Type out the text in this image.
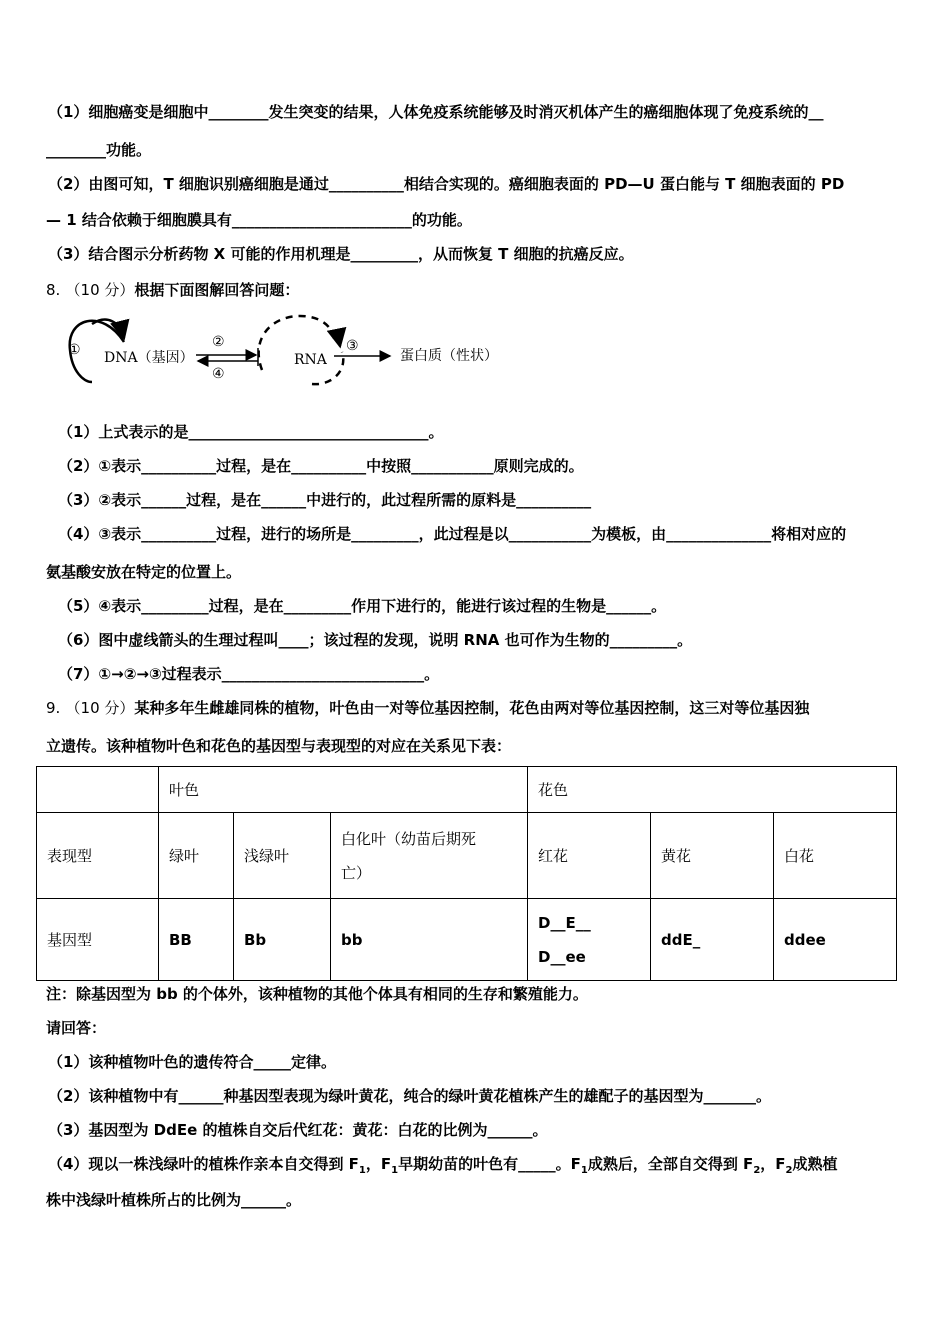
（1）细胞癌变是细胞中________发生突变的结果，人体免疫系统能够及时消灭机体产生的癌细胞体现了免疫系统的__
________功能。
（2）由图可知，T 细胞识别癌细胞是通过__________相结合实现的。癌细胞表面的 PD—U 蛋白能与 T 细胞表面的 PD
— 1 结合依赖于细胞膜具有________________________的功能。
（3）结合图示分析药物 X 可能的作用机理是_________，从而恢复 T 细胞的抗癌反应。
8. （10 分）根据下面图解回答问题：
① DNA（基因）
②
④
RNA
③
蛋白质（性状）
（1）上式表示的是________________________________。
（2）①表示__________过程，是在__________中按照___________原则完成的。
（3）②表示______过程，是在______中进行的，此过程所需的原料是__________
（4）③表示__________过程，进行的场所是_________，此过程是以___________为模板，由______________将相对应的
氨基酸安放在特定的位置上。
（5）④表示_________过程，是在_________作用下进行的，能进行该过程的生物是______。
（6）图中虚线箭头的生理过程叫____；该过程的发现，说明 RNA 也可作为生物的_________。
（7）①→②→③过程表示___________________________。
9. （10 分）某种多年生雌雄同株的植物，叶色由一对等位基因控制，花色由两对等位基因控制，这三对等位基因独
立遗传。该种植物叶色和花色的基因型与表现型的对应在关系见下表：
	叶色			花色		
表现型	绿叶	浅绿叶	白化叶（幼苗后期死
亡）	红花	黄花	白花
基因型	BB	Bb	bb	D__E__
D__ee	ddE_	ddee
注：除基因型为 bb 的个体外，该种植物的其他个体具有相同的生存和繁殖能力。
请回答：
（1）该种植物叶色的遗传符合_____定律。
（2）该种植物中有______种基因型表现为绿叶黄花，纯合的绿叶黄花植株产生的雄配子的基因型为_______。
（3）基因型为 DdEe 的植株自交后代红花：黄花：白花的比例为______。
（4）现以一株浅绿叶的植株作亲本自交得到 $F_1$，$F_1$早期幼苗的叶色有_____。$F_1$成熟后，全部自交得到 $F_2$，$F_2$成熟植
株中浅绿叶植株所占的比例为______。
